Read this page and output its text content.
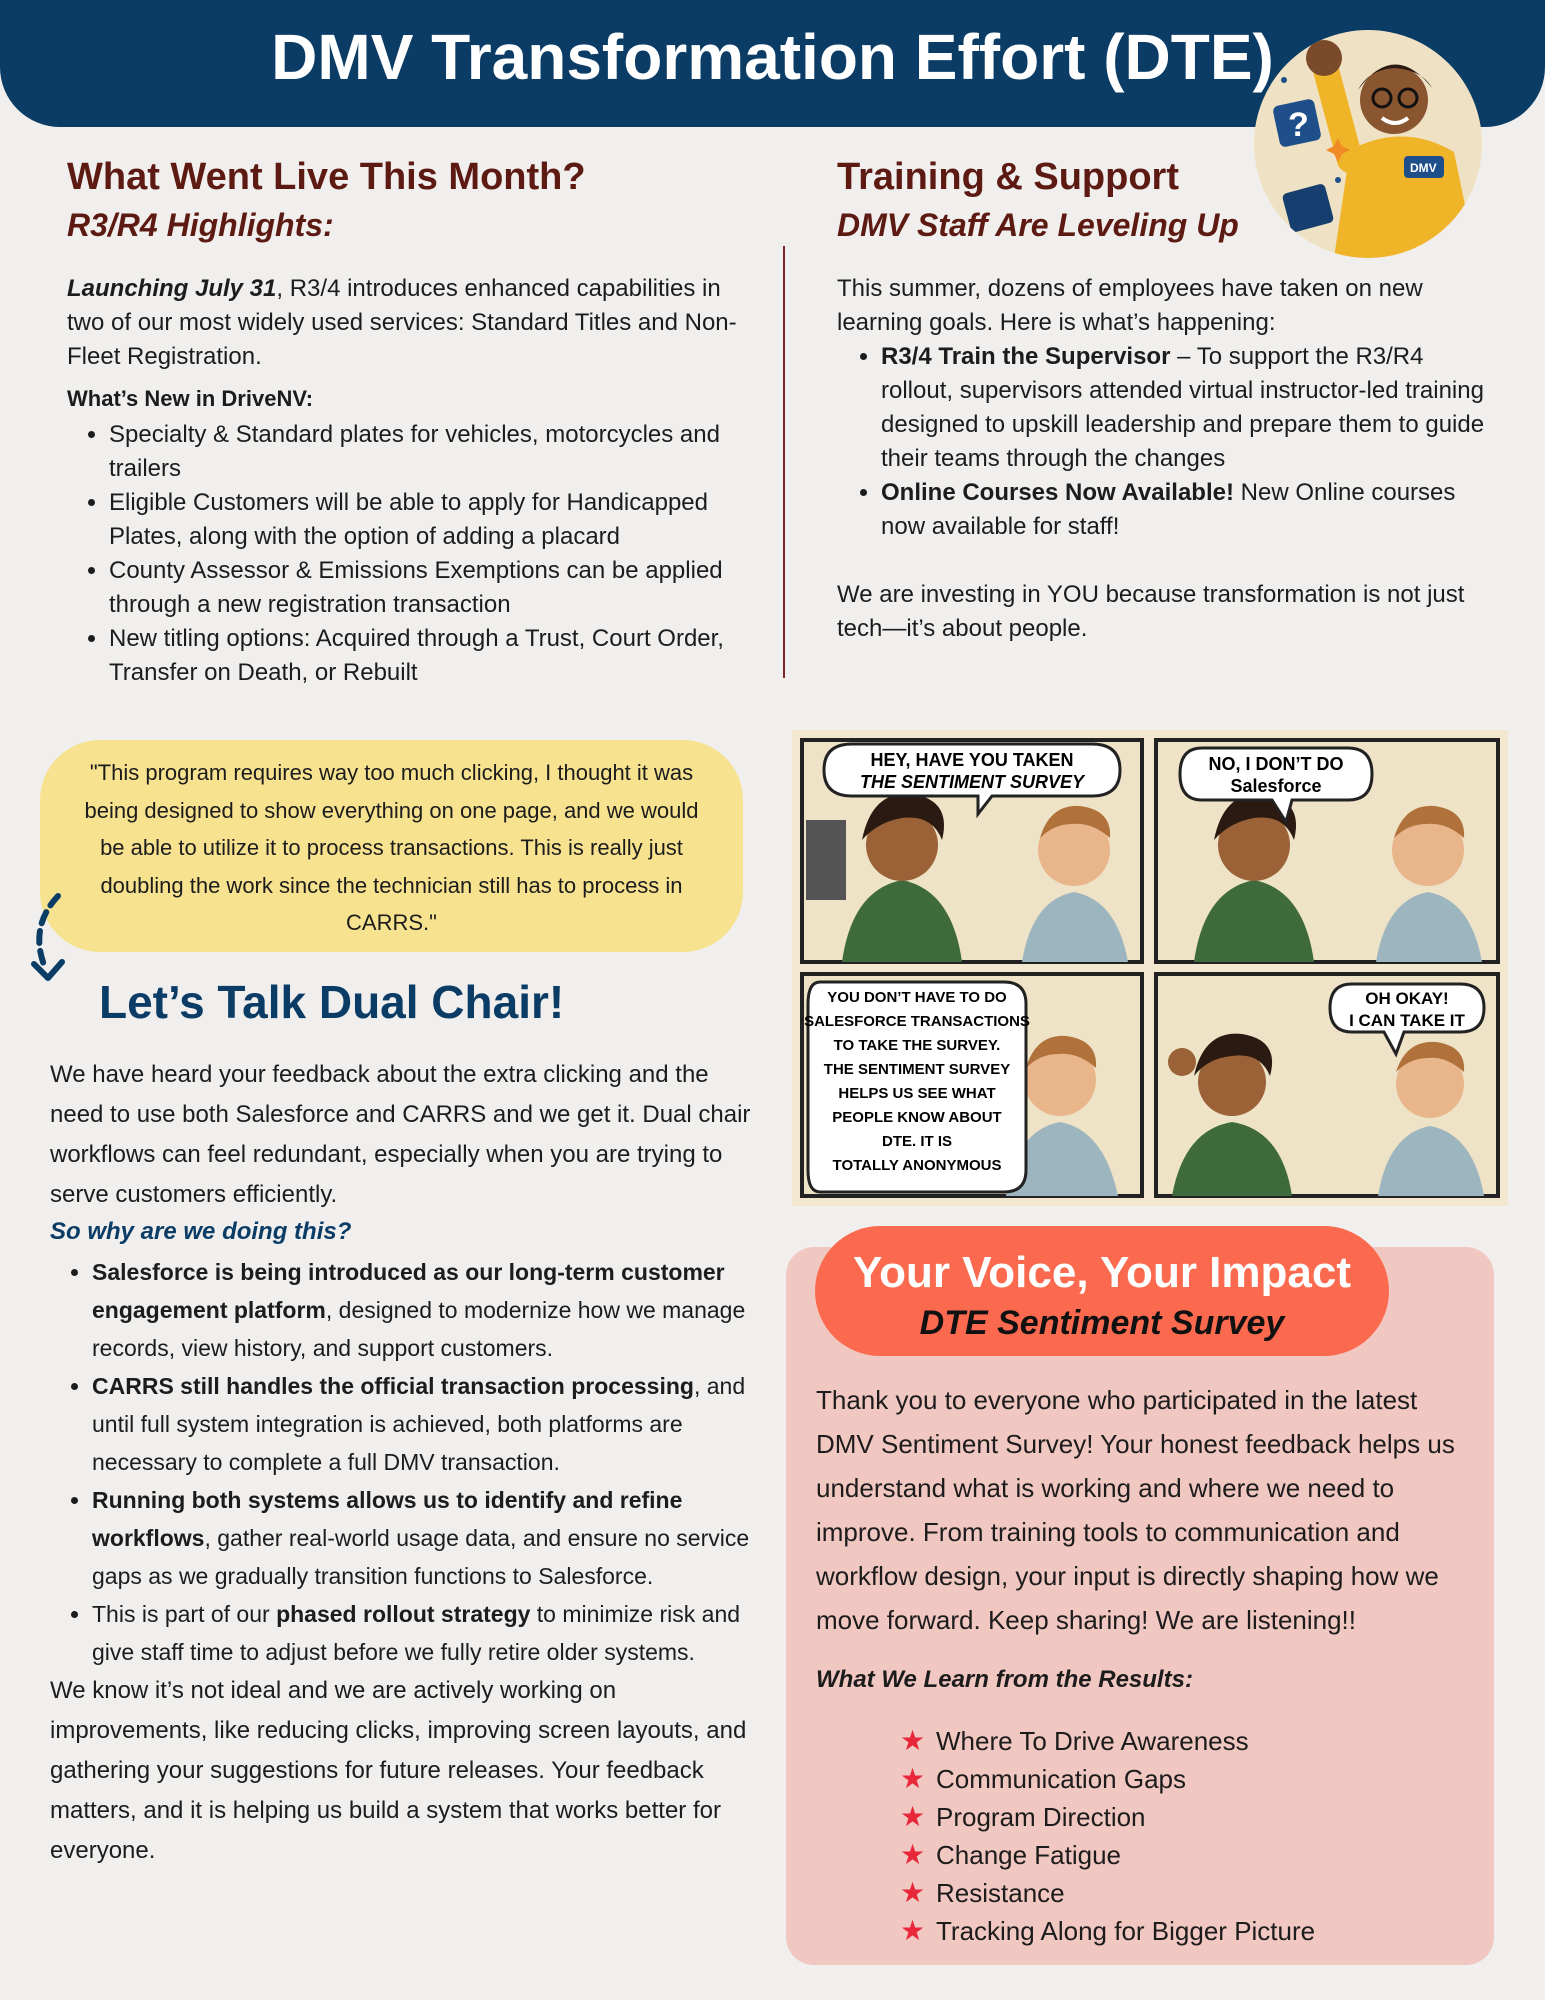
DMV Transformation Effort (DTE)
?
DMV
What Went Live This Month?
R3/R4 Highlights:
Launching July 31, R3/4 introduces enhanced capabilities in two of our most widely used services: Standard Titles and Non-Fleet Registration.
What’s New in DriveNV:
• Specialty & Standard plates for vehicles, motorcycles and trailers
• Eligible Customers will be able to apply for Handicapped Plates, along with the option of adding a placard
• County Assessor & Emissions Exemptions can be applied through a new registration transaction
• New titling options: Acquired through a Trust, Court Order, Transfer on Death, or Rebuilt
Training & Support
DMV Staff Are Leveling Up
This summer, dozens of employees have taken on new learning goals. Here is what’s happening:
• R3/4 Train the Supervisor – To support the R3/R4 rollout, supervisors attended virtual instructor-led training designed to upskill leadership and prepare them to guide their teams through the changes
• Online Courses Now Available! New Online courses now available for staff!
We are investing in YOU because transformation is not just tech—it’s about people.
"This program requires way too much clicking, I thought it was being designed to show everything on one page, and we would be able to utilize it to process transactions. This is really just doubling the work since the technician still has to process in CARRS."
Let’s Talk Dual Chair!
We have heard your feedback about the extra clicking and the need to use both Salesforce and CARRS and we get it. Dual chair workflows can feel redundant, especially when you are trying to serve customers efficiently.
So why are we doing this?
• Salesforce is being introduced as our long-term customer engagement platform, designed to modernize how we manage records, view history, and support customers.
• CARRS still handles the official transaction processing, and until full system integration is achieved, both platforms are necessary to complete a full DMV transaction.
• Running both systems allows us to identify and refine workflows, gather real-world usage data, and ensure no service gaps as we gradually transition functions to Salesforce.
• This is part of our phased rollout strategy to minimize risk and give staff time to adjust before we fully retire older systems.
We know it’s not ideal and we are actively working on improvements, like reducing clicks, improving screen layouts, and gathering your suggestions for future releases. Your feedback matters, and it is helping us build a system that works better for everyone.
HEY, HAVE YOU TAKEN
THE SENTIMENT SURVEY
NO, I DON’T DO
Salesforce
YOU DON’T HAVE TO DO
SALESFORCE TRANSACTIONS
TO TAKE THE SURVEY.
THE SENTIMENT SURVEY
HELPS US SEE WHAT
PEOPLE KNOW ABOUT
DTE. IT IS
TOTALLY ANONYMOUS
OH OKAY!
I CAN TAKE IT
Your Voice, Your Impact
DTE Sentiment Survey
Thank you to everyone who participated in the latest DMV Sentiment Survey! Your honest feedback helps us understand what is working and where we need to improve. From training tools to communication and workflow design, your input is directly shaping how we move forward. Keep sharing! We are listening!!
What We Learn from the Results:
★ Where To Drive Awareness
★ Communication Gaps
★ Program Direction
★ Change Fatigue
★ Resistance
★ Tracking Along for Bigger Picture
